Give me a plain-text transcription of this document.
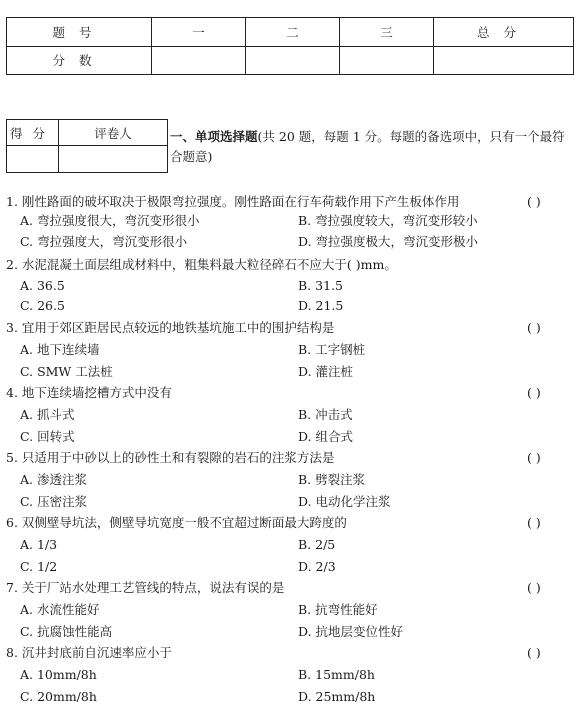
题号	一	二	三	总分
分数				
得分	评卷人
		一、单项选择题(共 20 题，每题 1 分。每题的备选项中，只有一个最符合题意)
1. 刚性路面的破坏取决于极限弯拉强度。刚性路面在行车荷载作用下产生板体作用	( )
A. 弯拉强度很大，弯沉变形很小	B. 弯拉强度较大，弯沉变形较小
C. 弯拉强度大，弯沉变形很小	D. 弯拉强度极大，弯沉变形极小
2. 水泥混凝土面层组成材料中，粗集料最大粒径碎石不应大于( )mm。
A. 36.5	B. 31.5
C. 26.5	D. 21.5
3. 宜用于郊区距居民点较远的地铁基坑施工中的围护结构是	( )
A. 地下连续墙	B. 工字钢桩
C. SMW 工法桩	D. 灌注桩
4. 地下连续墙挖槽方式中没有	( )
A. 抓斗式	B. 冲击式
C. 回转式	D. 组合式
5. 只适用于中砂以上的砂性土和有裂隙的岩石的注浆方法是	( )
A. 渗透注浆	B. 劈裂注浆
C. 压密注浆	D. 电动化学注浆
6. 双侧壁导坑法，侧壁导坑宽度一般不宜超过断面最大跨度的	( )
A. 1/3	B. 2/5
C. 1/2	D. 2/3
7. 关于厂站水处理工艺管线的特点，说法有误的是	( )
A. 水流性能好	B. 抗弯性能好
C. 抗腐蚀性能高	D. 抗地层变位性好
8. 沉井封底前自沉速率应小于	( )
A. 10mm/8h	B. 15mm/8h
C. 20mm/8h	D. 25mm/8h
